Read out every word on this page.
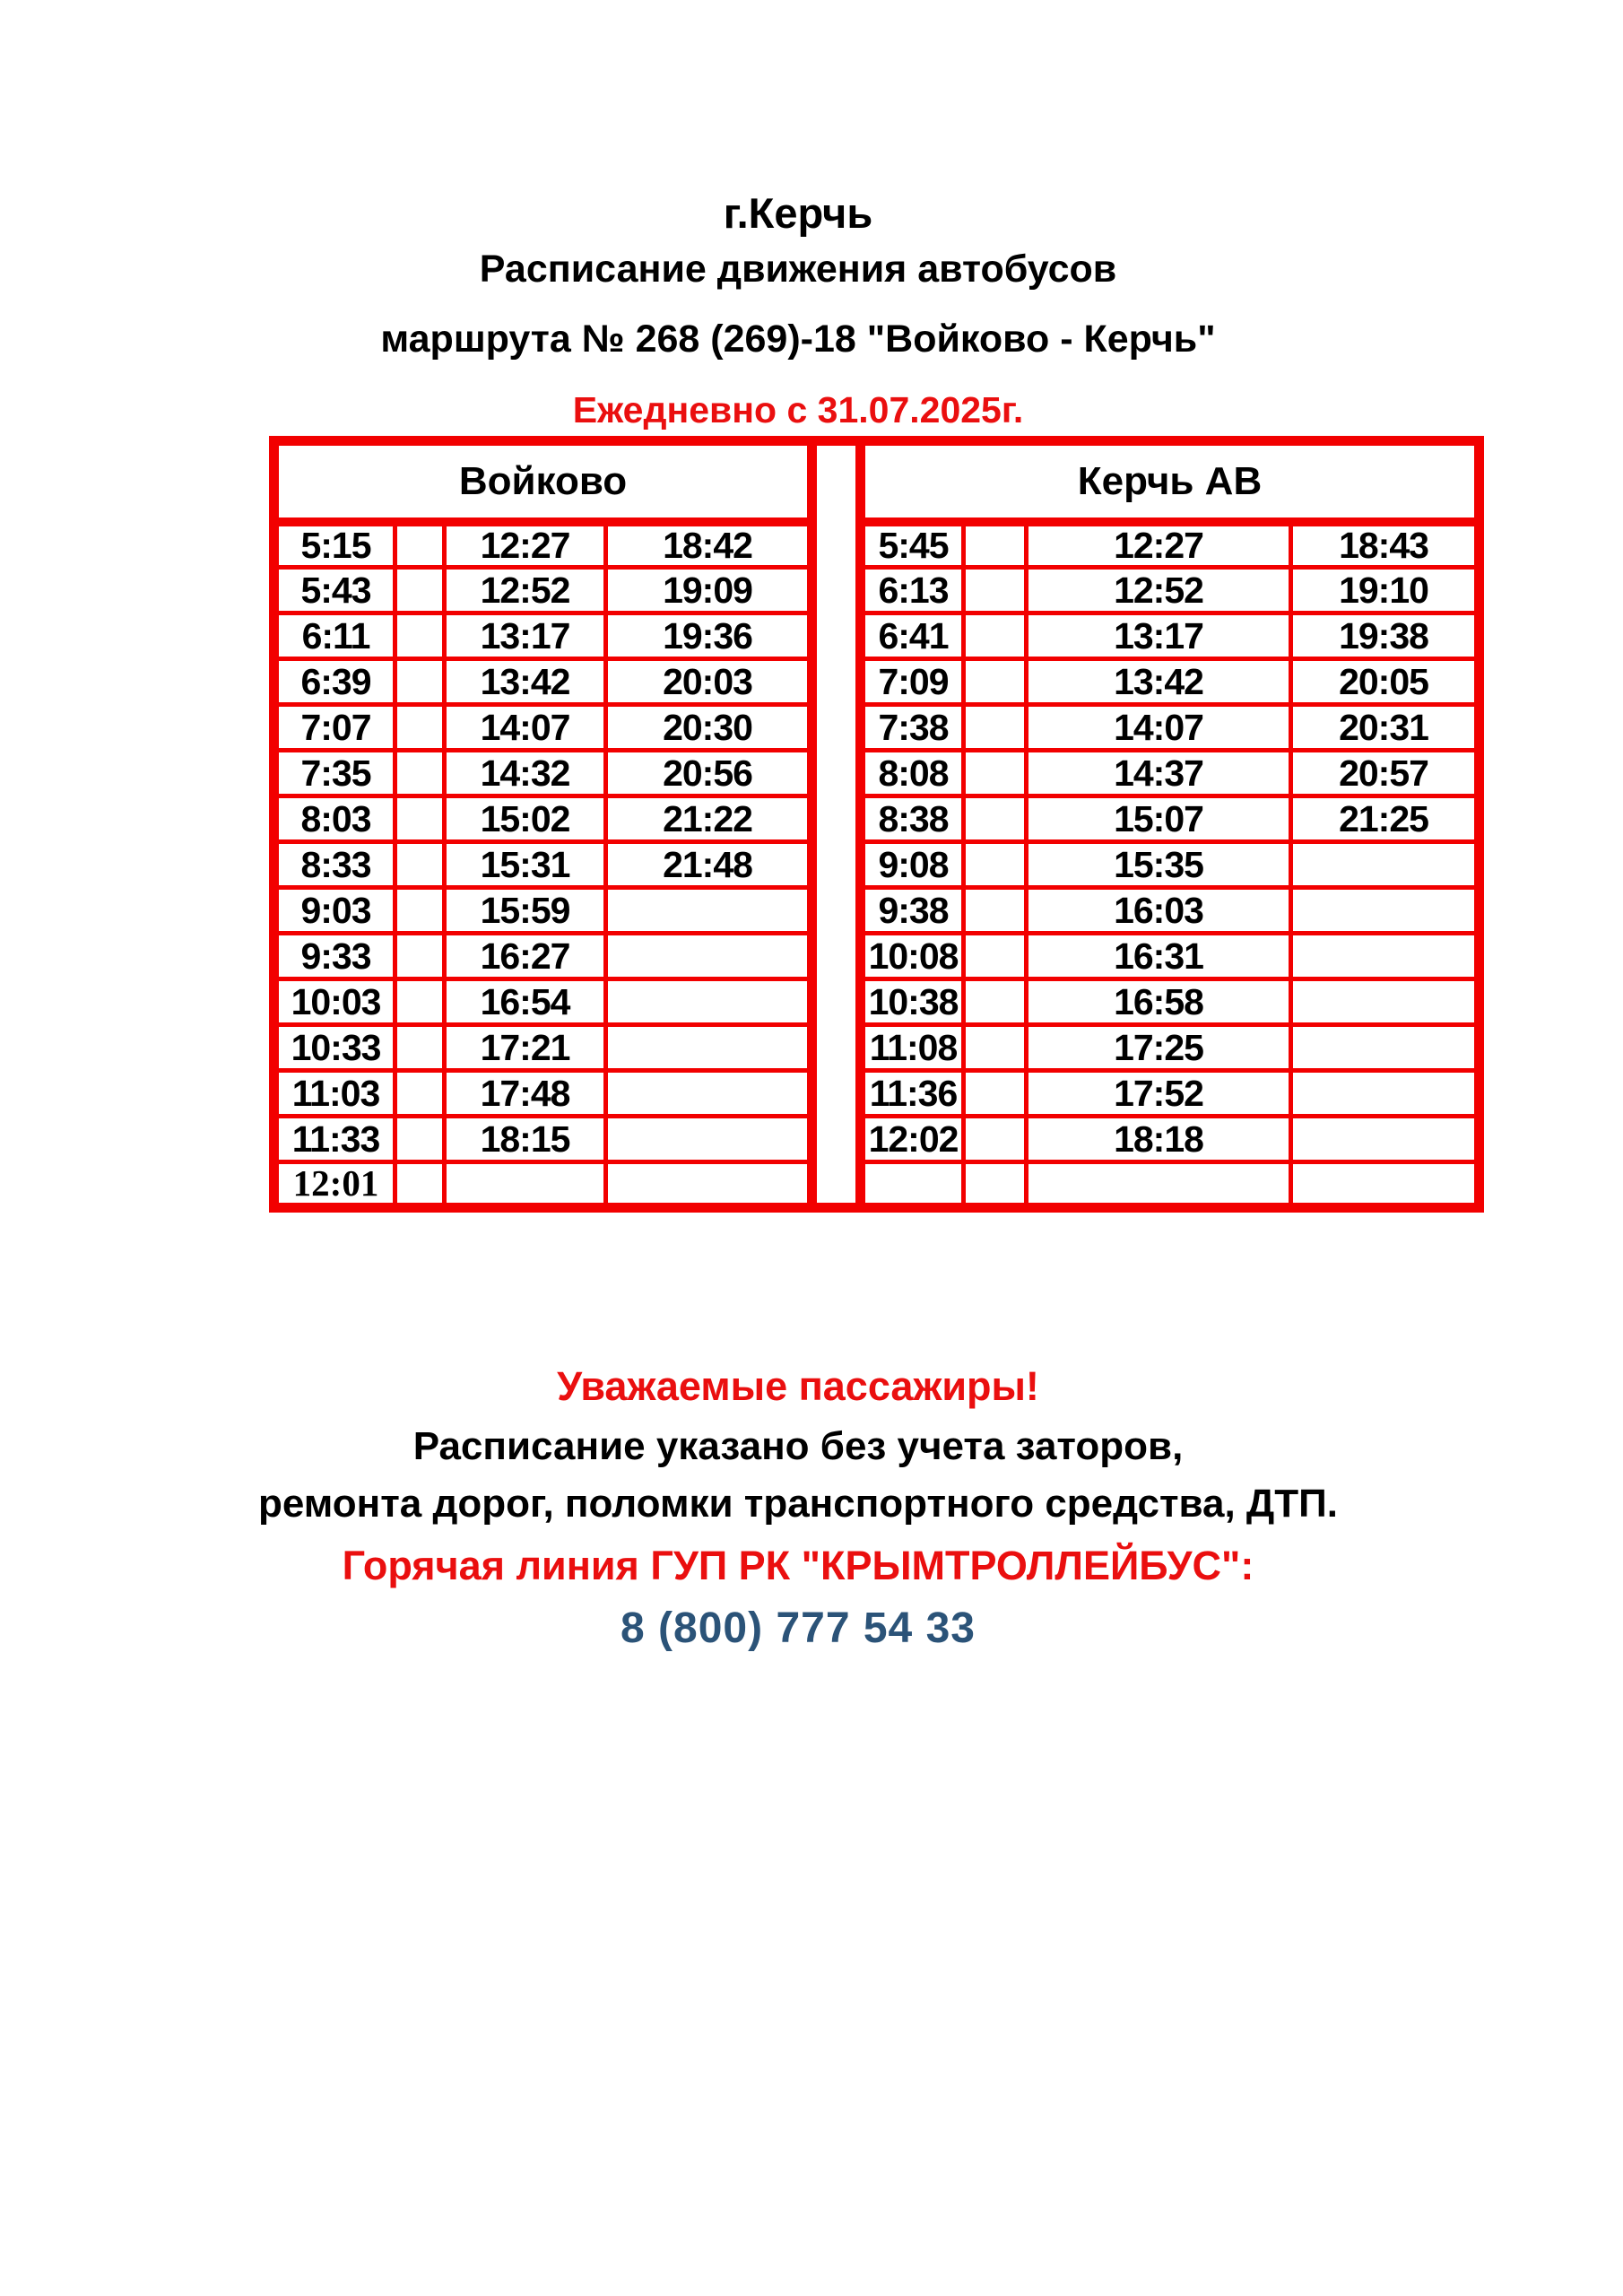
г.Керчь
Расписание движения автобусов
маршрута № 268 (269)-18 "Войково - Керчь"
Ежедневно с 31.07.2025г.
Войково			
5:15		12:27	18:42
5:43		12:52	19:09
6:11		13:17	19:36
6:39		13:42	20:03
7:07		14:07	20:30
7:35		14:32	20:56
8:03		15:02	21:22
8:33		15:31	21:48
9:03		15:59	
9:33		16:27	
10:03		16:54	
10:33		17:21	
11:03		17:48	
11:33		18:15	
12:01			
Керчь АВ			
5:45		12:27	18:43
6:13		12:52	19:10
6:41		13:17	19:38
7:09		13:42	20:05
7:38		14:07	20:31
8:08		14:37	20:57
8:38		15:07	21:25
9:08		15:35	
9:38		16:03	
10:08		16:31	
10:38		16:58	
11:08		17:25	
11:36		17:52	
12:02		18:18	

Уважаемые пассажиры!
Расписание указано без учета заторов,
ремонта дорог, поломки транспортного средства, ДТП.
Горячая линия ГУП РК "КРЫМТРОЛЛЕЙБУС":
8 (800) 777 54 33
